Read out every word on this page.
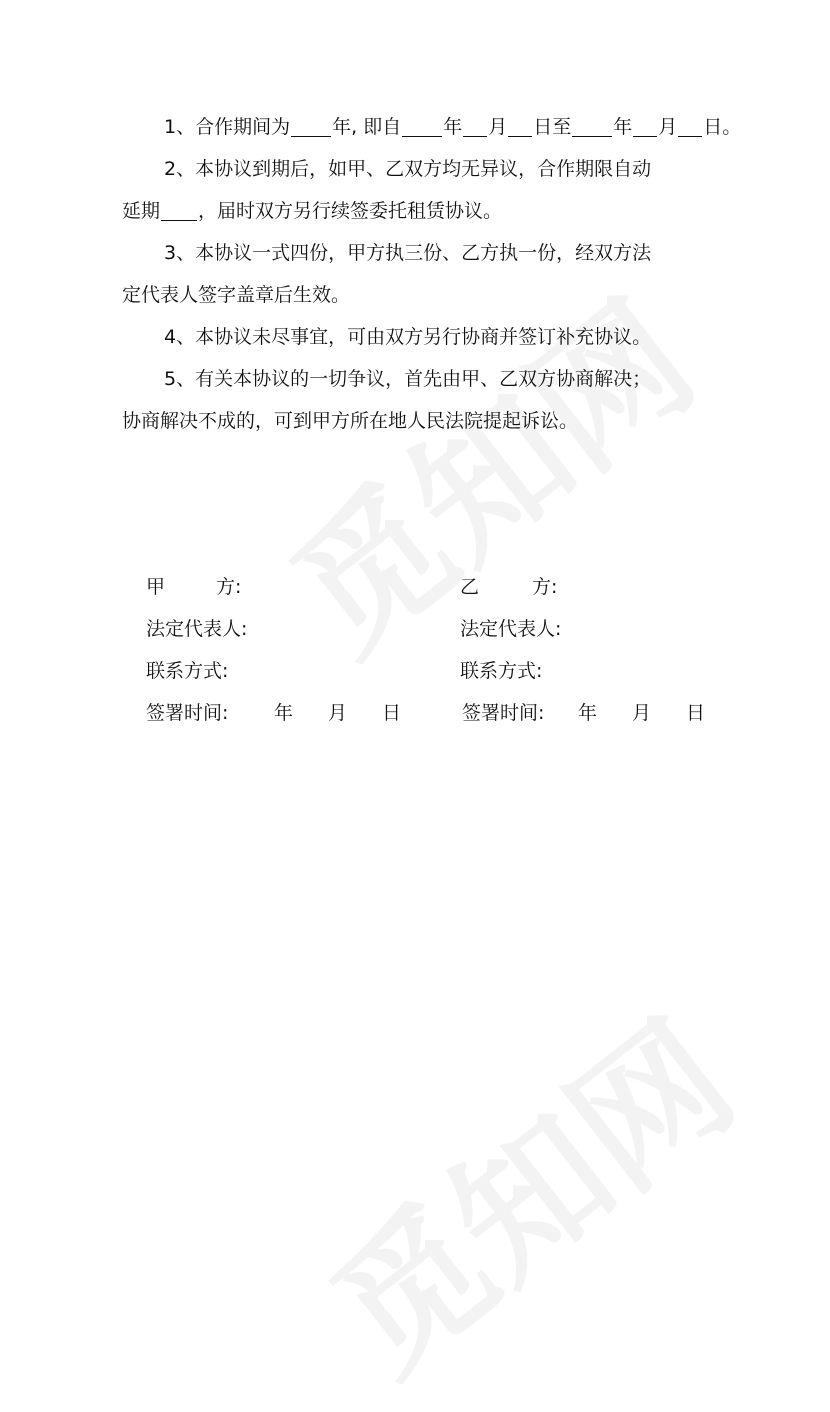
1、合作期间为 年, 即自 年 月 日至 年 月 日。

2、本协议到期后，如甲、乙双方均无异议，合作期限自动
延期 ，届时双方另行续签委托租赁协议。

3、本协议一式四份，甲方执三份、乙方执一份，经双方法
定代表人签字盖章后生效。

4、本协议未尽事宜，可由双方另行协商并签订补充协议。

5、有关本协议的一切争议，首先由甲、乙双方协商解决；
协商解决不成的，可到甲方所在地人民法院提起诉讼。

甲	方:
法定代表人:
联系方式:
签署时间: 年 月 日
乙	方:
法定代表人:
联系方式:
签署时间: 年 月 日
